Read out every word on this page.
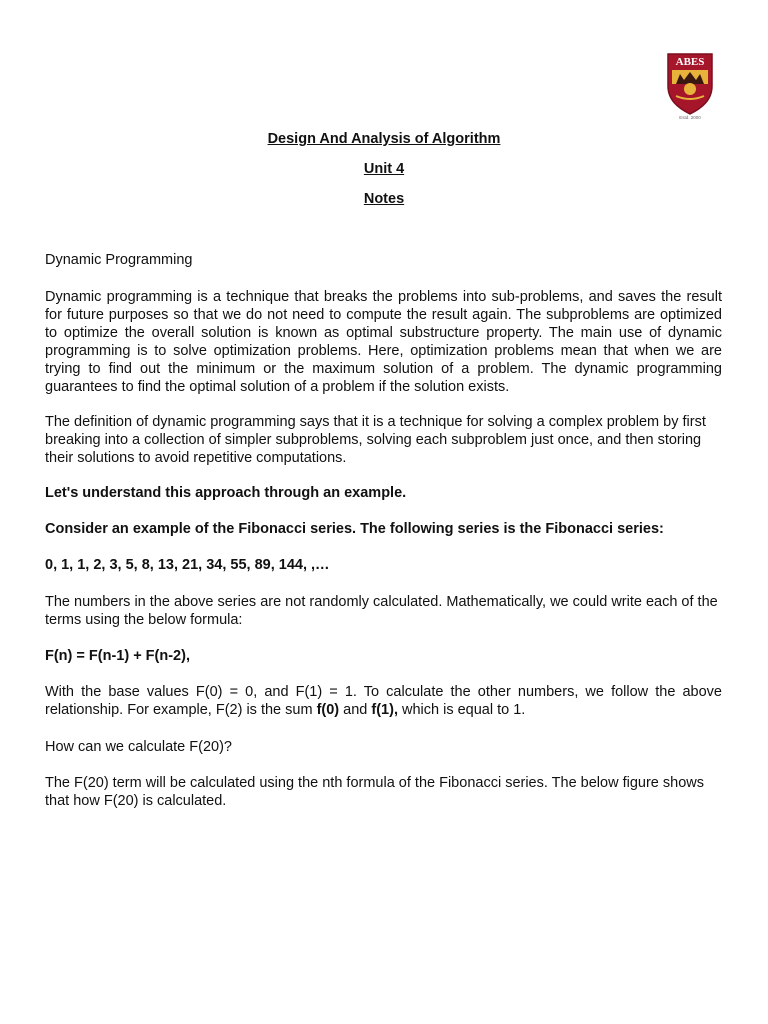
ABES
Estd. 2000

Design And Analysis of Algorithm

Unit 4

Notes

Dynamic Programming

Dynamic programming is a technique that breaks the problems into sub-problems, and saves the result for future purposes so that we do not need to compute the result again. The subproblems are optimized to optimize the overall solution is known as optimal substructure property. The main use of dynamic programming is to solve optimization problems. Here, optimization problems mean that when we are trying to find out the minimum or the maximum solution of a problem. The dynamic programming guarantees to find the optimal solution of a problem if the solution exists.

The definition of dynamic programming says that it is a technique for solving a complex problem by first breaking into a collection of simpler subproblems, solving each subproblem just once, and then storing their solutions to avoid repetitive computations.

Let's understand this approach through an example.

Consider an example of the Fibonacci series. The following series is the Fibonacci series:

0, 1, 1, 2, 3, 5, 8, 13, 21, 34, 55, 89, 144, ,…

The numbers in the above series are not randomly calculated. Mathematically, we could write each of the terms using the below formula:

F(n) = F(n-1) + F(n-2),

With the base values F(0) = 0, and F(1) = 1. To calculate the other numbers, we follow the above relationship. For example, F(2) is the sum f(0) and f(1), which is equal to 1.

How can we calculate F(20)?

The F(20) term will be calculated using the nth formula of the Fibonacci series. The below figure shows that how F(20) is calculated.
